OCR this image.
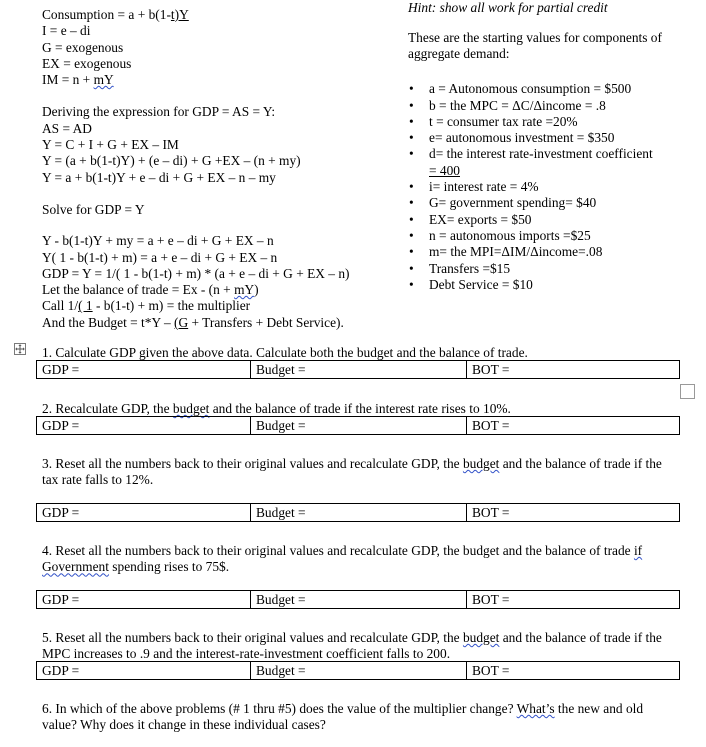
Consumption = a + b(1-t)Y
I = e – di
G = exogenous
EX = exogenous
IM = n + mY
Deriving the expression for GDP = AS = Y:
AS = AD
Y = C + I + G + EX – IM
Y = (a + b(1-t)Y) + (e – di) + G +EX – (n + my)
Y = a + b(1-t)Y + e – di + G + EX – n – my
Solve for GDP = Y
Y - b(1-t)Y + my = a + e – di + G + EX – n
Y( 1 - b(1-t) + m) = a + e – di + G + EX – n
GDP = Y = 1/( 1 - b(1-t) + m) * (a + e – di + G + EX – n)
Let the balance of trade = Ex - (n + mY)
Call 1/( 1 - b(1-t) + m) = the multiplier
And the Budget = t*Y – (G + Transfers + Debt Service).
Hint: show all work for partial credit
These are the starting values for components of aggregate demand:
• a = Autonomous consumption = $500
• b = the MPC = ΔC/Δincome = .8
• t = consumer tax rate =20%
• e= autonomous investment = $350
• d= the interest rate-investment coefficient
= 400
• i= interest rate = 4%
• G= government spending= $40
• EX= exports = $50
• n = autonomous imports =$25
• m= the MPI=ΔIM/Δincome=.08
• Transfers =$15
• Debt Service = $10
1. Calculate GDP given the above data. Calculate both the budget and the balance of trade.
GDP =	Budget =	BOT =
2. Recalculate GDP, the budget and the balance of trade if the interest rate rises to 10%.
GDP =	Budget =	BOT =
3. Reset all the numbers back to their original values and recalculate GDP, the budget and the balance of trade if the tax rate falls to 12%.
GDP =	Budget =	BOT =
4. Reset all the numbers back to their original values and recalculate GDP, the budget and the balance of trade if Government spending rises to 75$.
GDP =	Budget =	BOT =
5. Reset all the numbers back to their original values and recalculate GDP, the budget and the balance of trade if the MPC increases to .9 and the interest-rate-investment coefficient falls to 200.
GDP =	Budget =	BOT =
6. In which of the above problems (# 1 thru #5) does the value of the multiplier change? What’s the new and old value? Why does it change in these individual cases?
